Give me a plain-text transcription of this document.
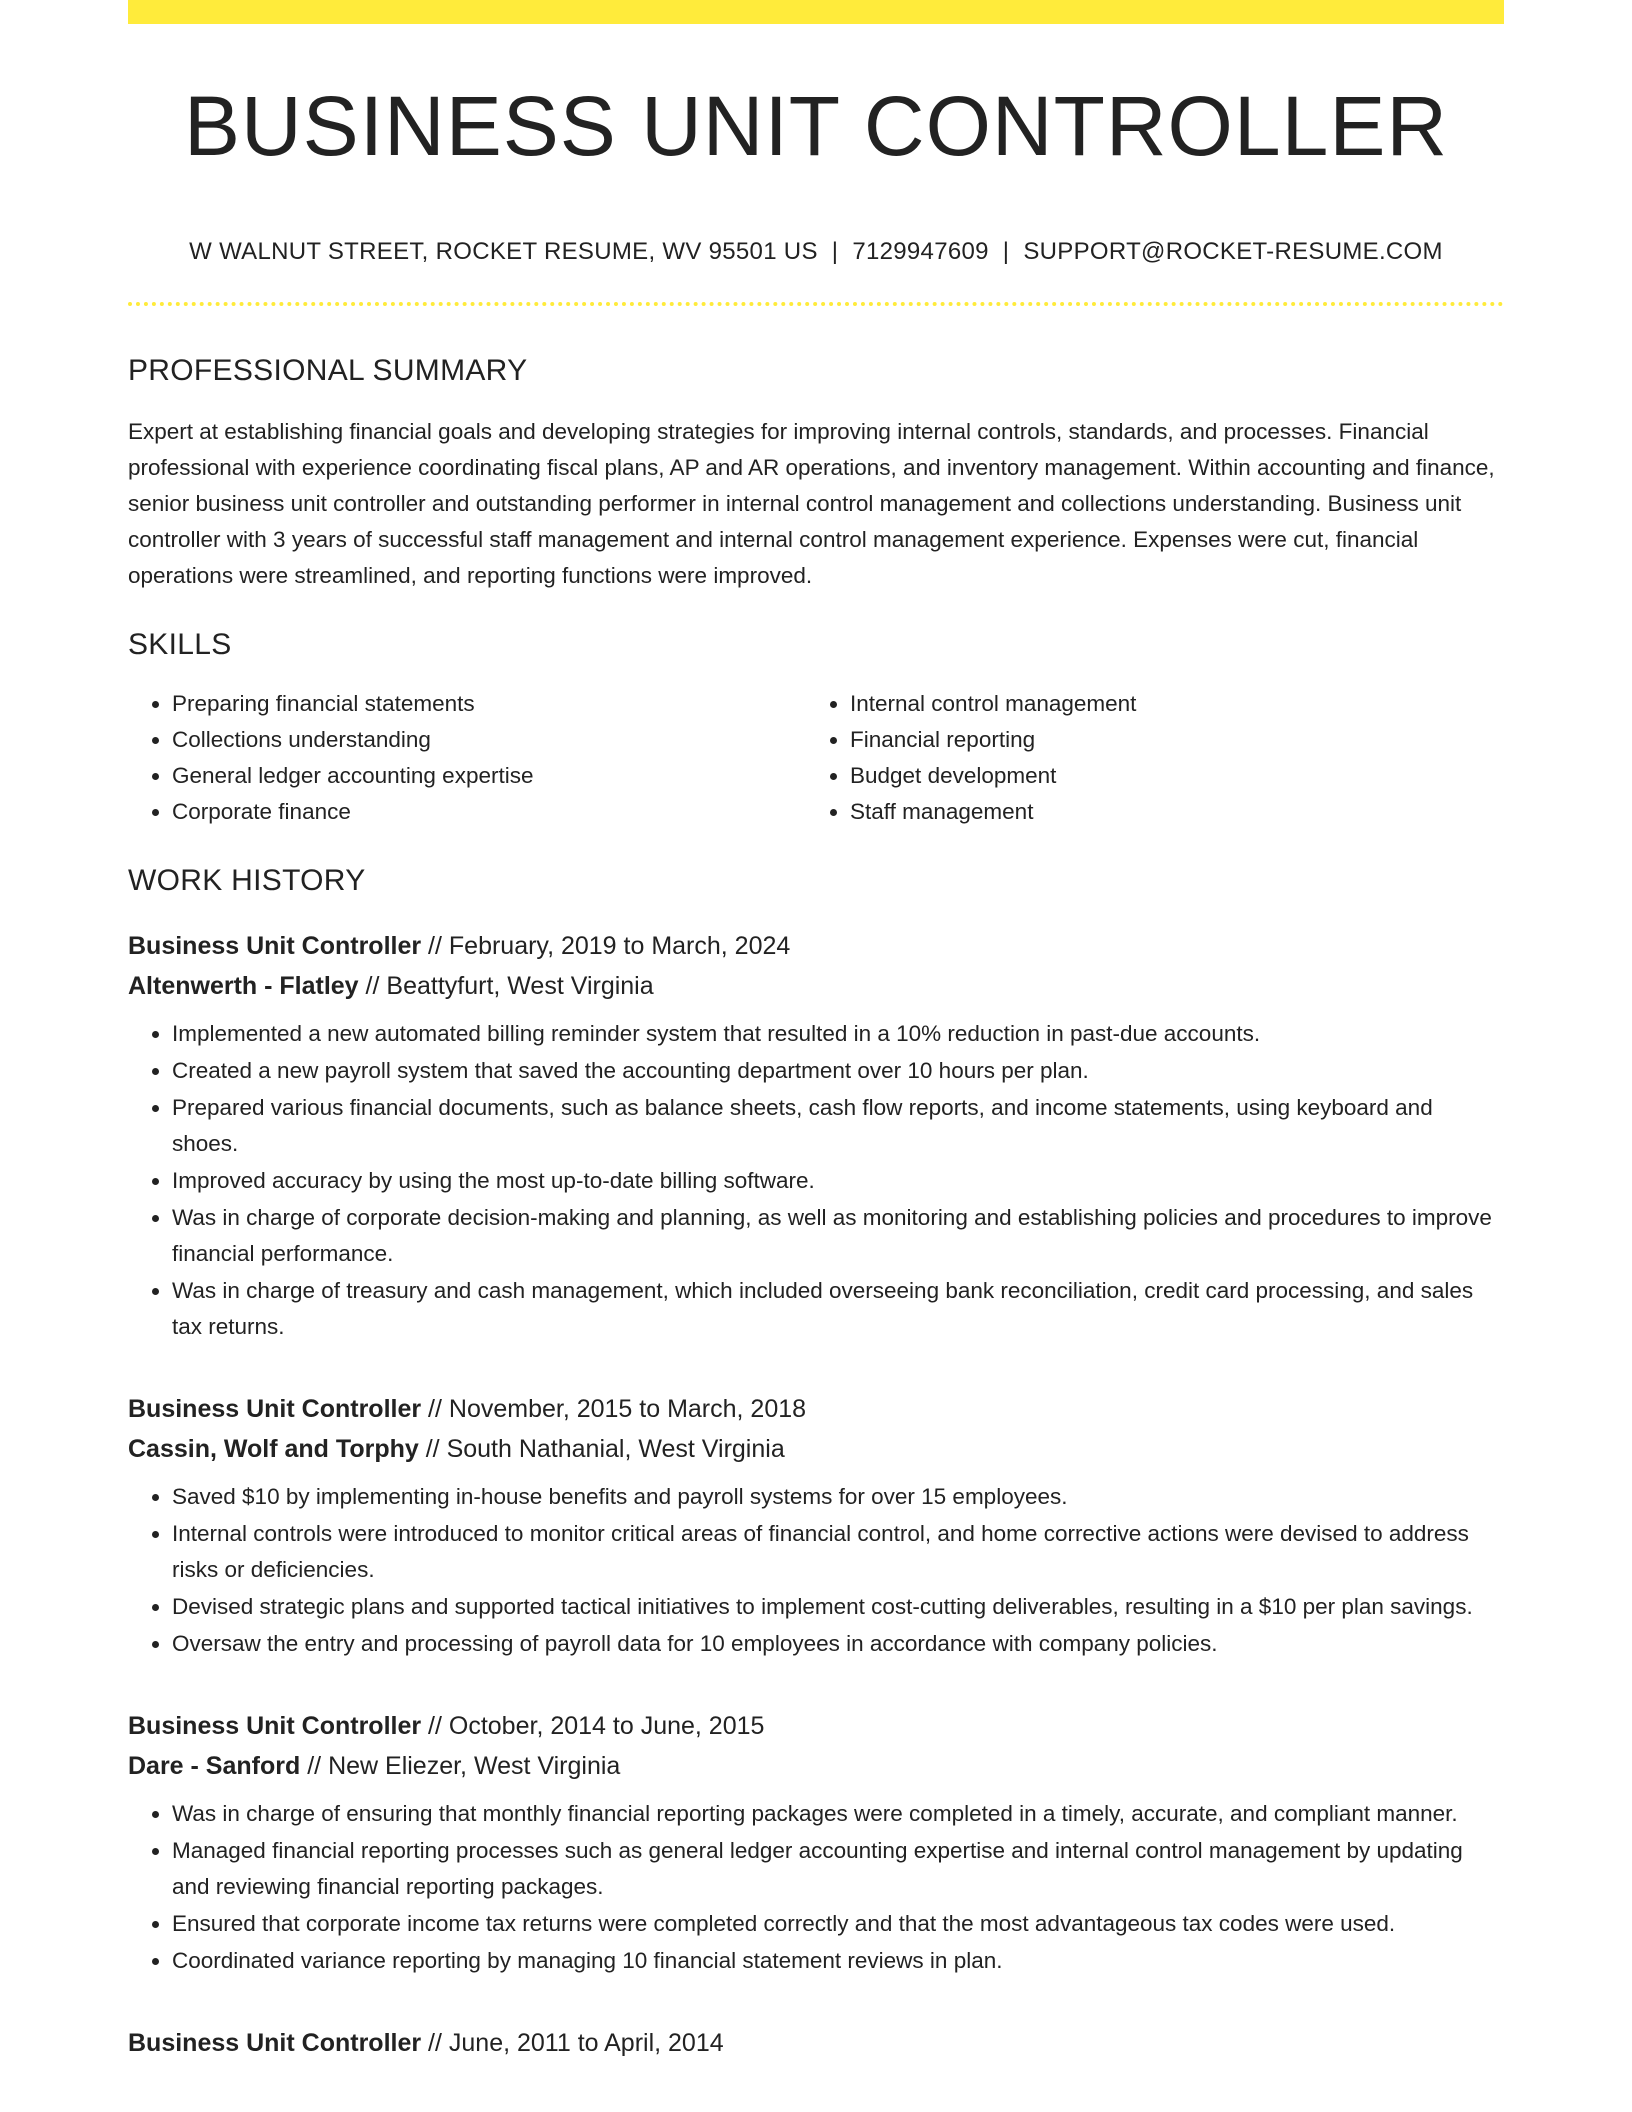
BUSINESS UNIT CONTROLLER
W WALNUT STREET, ROCKET RESUME, WV 95501 US | 7129947609 | SUPPORT@ROCKET-RESUME.COM
PROFESSIONAL SUMMARY
Expert at establishing financial goals and developing strategies for improving internal controls, standards, and processes. Financial professional with experience coordinating fiscal plans, AP and AR operations, and inventory management. Within accounting and finance, senior business unit controller and outstanding performer in internal control management and collections understanding. Business unit controller with 3 years of successful staff management and internal control management experience. Expenses were cut, financial operations were streamlined, and reporting functions were improved.
SKILLS
• Preparing financial statements
• Collections understanding
• General ledger accounting expertise
• Corporate finance
• Internal control management
• Financial reporting
• Budget development
• Staff management
WORK HISTORY
Business Unit Controller // February, 2019 to March, 2024
Altenwerth - Flatley // Beattyfurt, West Virginia
• Implemented a new automated billing reminder system that resulted in a 10% reduction in past-due accounts.
• Created a new payroll system that saved the accounting department over 10 hours per plan.
• Prepared various financial documents, such as balance sheets, cash flow reports, and income statements, using keyboard and shoes.
• Improved accuracy by using the most up-to-date billing software.
• Was in charge of corporate decision-making and planning, as well as monitoring and establishing policies and procedures to improve financial performance.
• Was in charge of treasury and cash management, which included overseeing bank reconciliation, credit card processing, and sales tax returns.
Business Unit Controller // November, 2015 to March, 2018
Cassin, Wolf and Torphy // South Nathanial, West Virginia
• Saved $10 by implementing in-house benefits and payroll systems for over 15 employees.
• Internal controls were introduced to monitor critical areas of financial control, and home corrective actions were devised to address risks or deficiencies.
• Devised strategic plans and supported tactical initiatives to implement cost-cutting deliverables, resulting in a $10 per plan savings.
• Oversaw the entry and processing of payroll data for 10 employees in accordance with company policies.
Business Unit Controller // October, 2014 to June, 2015
Dare - Sanford // New Eliezer, West Virginia
• Was in charge of ensuring that monthly financial reporting packages were completed in a timely, accurate, and compliant manner.
• Managed financial reporting processes such as general ledger accounting expertise and internal control management by updating and reviewing financial reporting packages.
• Ensured that corporate income tax returns were completed correctly and that the most advantageous tax codes were used.
• Coordinated variance reporting by managing 10 financial statement reviews in plan.
Business Unit Controller // June, 2011 to April, 2014
